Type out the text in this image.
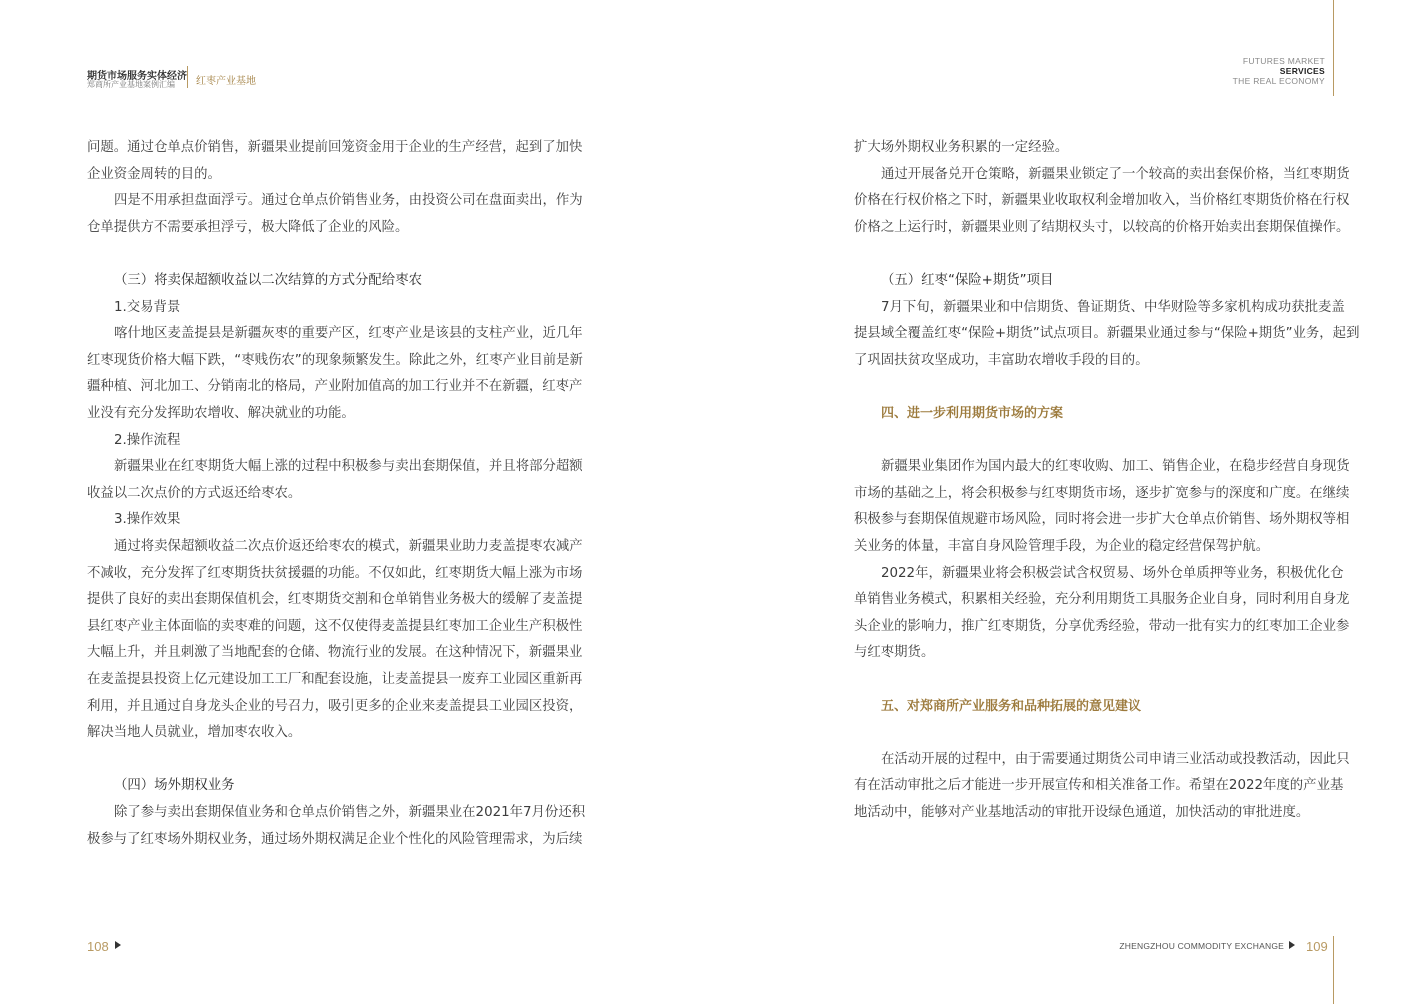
期货市场服务实体经济
郑商所产业基地案例汇编 红枣产业基地
FUTURES MARKET
SERVICES
THE REAL ECONOMY
问题。通过仓单点价销售，新疆果业提前回笼资金用于企业的生产经营，起到了加快
企业资金周转的目的。
四是不用承担盘面浮亏。通过仓单点价销售业务，由投资公司在盘面卖出，作为
仓单提供方不需要承担浮亏，极大降低了企业的风险。
（三）将卖保超额收益以二次结算的方式分配给枣农
1.交易背景
喀什地区麦盖提县是新疆灰枣的重要产区，红枣产业是该县的支柱产业，近几年
红枣现货价格大幅下跌，“枣贱伤农”的现象频繁发生。除此之外，红枣产业目前是新
疆种植、河北加工、分销南北的格局，产业附加值高的加工行业并不在新疆，红枣产
业没有充分发挥助农增收、解决就业的功能。
2.操作流程
新疆果业在红枣期货大幅上涨的过程中积极参与卖出套期保值，并且将部分超额
收益以二次点价的方式返还给枣农。
3.操作效果
通过将卖保超额收益二次点价返还给枣农的模式，新疆果业助力麦盖提枣农减产
不减收，充分发挥了红枣期货扶贫援疆的功能。不仅如此，红枣期货大幅上涨为市场
提供了良好的卖出套期保值机会，红枣期货交割和仓单销售业务极大的缓解了麦盖提
县红枣产业主体面临的卖枣难的问题，这不仅使得麦盖提县红枣加工企业生产积极性
大幅上升，并且刺激了当地配套的仓储、物流行业的发展。在这种情况下，新疆果业
在麦盖提县投资上亿元建设加工工厂和配套设施，让麦盖提县一废弃工业园区重新再
利用，并且通过自身龙头企业的号召力，吸引更多的企业来麦盖提县工业园区投资，
解决当地人员就业，增加枣农收入。
（四）场外期权业务
除了参与卖出套期保值业务和仓单点价销售之外，新疆果业在2021年7月份还积
极参与了红枣场外期权业务，通过场外期权满足企业个性化的风险管理需求，为后续
扩大场外期权业务积累的一定经验。
通过开展备兑开仓策略，新疆果业锁定了一个较高的卖出套保价格，当红枣期货
价格在行权价格之下时，新疆果业收取权利金增加收入，当价格红枣期货价格在行权
价格之上运行时，新疆果业则了结期权头寸，以较高的价格开始卖出套期保值操作。
（五）红枣“保险+期货”项目
7月下旬，新疆果业和中信期货、鲁证期货、中华财险等多家机构成功获批麦盖
提县域全覆盖红枣“保险+期货”试点项目。新疆果业通过参与“保险+期货”业务，起到
了巩固扶贫攻坚成功，丰富助农增收手段的目的。
四、进一步利用期货市场的方案
新疆果业集团作为国内最大的红枣收购、加工、销售企业，在稳步经营自身现货
市场的基础之上，将会积极参与红枣期货市场，逐步扩宽参与的深度和广度。在继续
积极参与套期保值规避市场风险，同时将会进一步扩大仓单点价销售、场外期权等相
关业务的体量，丰富自身风险管理手段，为企业的稳定经营保驾护航。
2022年，新疆果业将会积极尝试含权贸易、场外仓单质押等业务，积极优化仓
单销售业务模式，积累相关经验，充分利用期货工具服务企业自身，同时利用自身龙
头企业的影响力，推广红枣期货，分享优秀经验，带动一批有实力的红枣加工企业参
与红枣期货。
五、对郑商所产业服务和品种拓展的意见建议
在活动开展的过程中，由于需要通过期货公司申请三业活动或投教活动，因此只
有在活动审批之后才能进一步开展宣传和相关准备工作。希望在2022年度的产业基
地活动中，能够对产业基地活动的审批开设绿色通道，加快活动的审批进度。
108	ZHENGZHOU COMMODITY EXCHANGE 109
